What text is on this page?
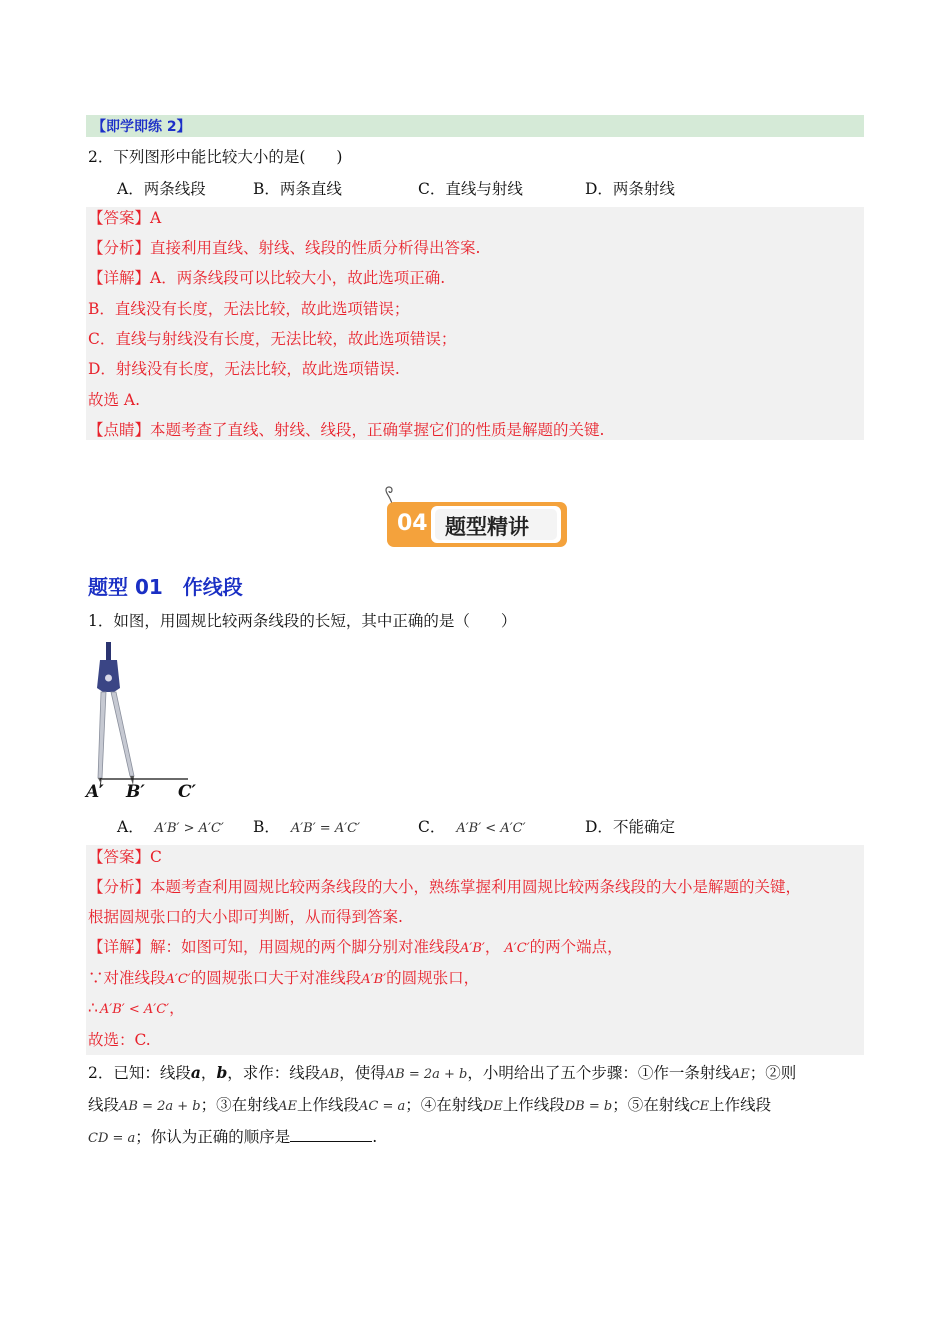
【即学即练 2】
2．下列图形中能比较大小的是(　　)
A．两条线段	B．两条直线	C．直线与射线	D．两条射线
【答案】A
【分析】直接利用直线、射线、线段的性质分析得出答案.
【详解】A．两条线段可以比较大小，故此选项正确.
B．直线没有长度，无法比较，故此选项错误；
C．直线与射线没有长度，无法比较，故此选项错误；
D．射线没有长度，无法比较，故此选项错误.
故选 A.
【点睛】本题考查了直线、射线、线段，正确掌握它们的性质是解题的关键.
04 题型精讲
题型 01　作线段
1．如图，用圆规比较两条线段的长短，其中正确的是（　　）
A′ B′ C′
A． A′B′ > A′C′ B． A′B′ = A′C′	C． A′B′ < A′C′	D．不能确定
【答案】C
【分析】本题考查利用圆规比较两条线段的大小，熟练掌握利用圆规比较两条线段的大小是解题的关键，
根据圆规张口的大小即可判断，从而得到答案.
【详解】解：如图可知，用圆规的两个脚分别对准线段A′B′， A′C′的两个端点，
∵对准线段A′C′的圆规张口大于对准线段A′B′的圆规张口，
∴ A′B′ < A′C′，
故选：C.
2．已知：线段a，b，求作：线段AB，使得AB = 2a + b，小明给出了五个步骤：①作一条射线AE；②则
线段AB = 2a + b；③在射线AE上作线段AC = a；④在射线DE上作线段DB = b；⑤在射线CE上作线段
CD = a；你认为正确的顺序是	.
